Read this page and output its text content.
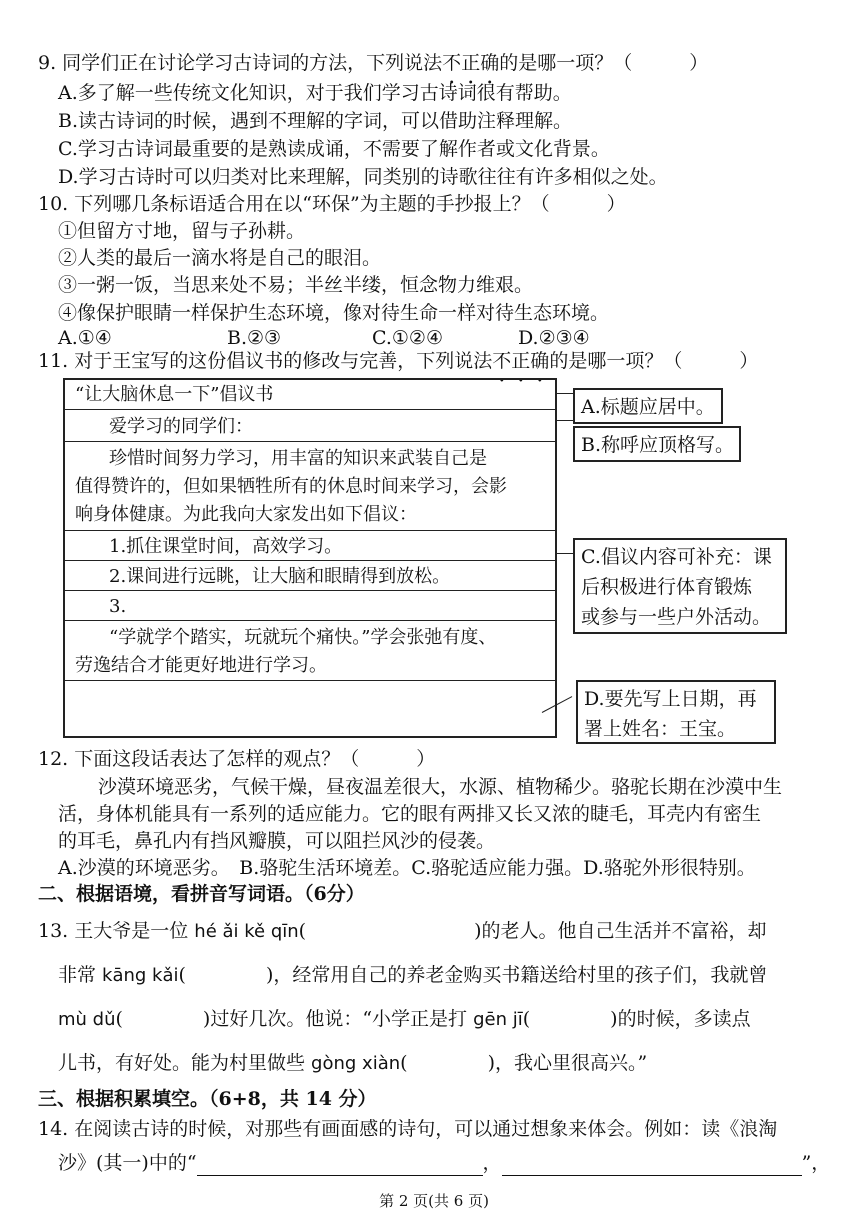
9. 同学们正在讨论学习古诗词的方法，下列说法不正确的是哪一项？（　　　）
A.多了解一些传统文化知识，对于我们学习古诗词很有帮助。
B.读古诗词的时候，遇到不理解的字词，可以借助注释理解。
C.学习古诗词最重要的是熟读成诵，不需要了解作者或文化背景。
D.学习古诗时可以归类对比来理解，同类别的诗歌往往有许多相似之处。
10. 下列哪几条标语适合用在以“环保”为主题的手抄报上？（　　　）
①但留方寸地，留与子孙耕。
②人类的最后一滴水将是自己的眼泪。
③一粥一饭，当思来处不易；半丝半缕，恒念物力维艰。
④像保护眼睛一样保护生态环境，像对待生命一样对待生态环境。
A.①④	B.②③	C.①②④	D.②③④
11. 对于王宝写的这份倡议书的修改与完善，下列说法不正确的是哪一项？（　　　）
“让大脑休息一下”倡议书
爱学习的同学们：
珍惜时间努力学习，用丰富的知识来武装自己是
值得赞许的，但如果牺牲所有的休息时间来学习，会影
响身体健康。为此我向大家发出如下倡议：
1.抓住课堂时间，高效学习。
2.课间进行远眺，让大脑和眼睛得到放松。
3.
“学就学个踏实，玩就玩个痛快。”学会张弛有度、
劳逸结合才能更好地进行学习。
A.标题应居中。
B.称呼应顶格写。
C.倡议内容可补充：课
后积极进行体育锻炼
或参与一些户外活动。
D.要先写上日期，再
署上姓名：王宝。
12. 下面这段话表达了怎样的观点？（　　　）
沙漠环境恶劣，气候干燥，昼夜温差很大，水源、植物稀少。骆驼长期在沙漠中生
活，身体机能具有一系列的适应能力。它的眼有两排又长又浓的睫毛，耳壳内有密生
的耳毛，鼻孔内有挡风瓣膜，可以阻拦风沙的侵袭。
A.沙漠的环境恶劣。　B.骆驼生活环境差。C.骆驼适应能力强。D.骆驼外形很特别。
二、根据语境，看拼音写词语。（6分）
13. 王大爷是一位 hé ǎi kě qīn(	)的老人。他自己生活并不富裕，却
非常 kāng kǎi(	)，经常用自己的养老金购买书籍送给村里的孩子们，我就曾
mù dǔ(	)过好几次。他说：“小学正是打 gēn jī(	)的时候，多读点
儿书，有好处。能为村里做些 gòng xiàn(	)，我心里很高兴。”
三、根据积累填空。（6+8，共 14 分）
14. 在阅读古诗的时候，对那些有画面感的诗句，可以通过想象来体会。例如：读《浪淘
沙》(其一)中的“	，	”，
第 2 页(共 6 页)
